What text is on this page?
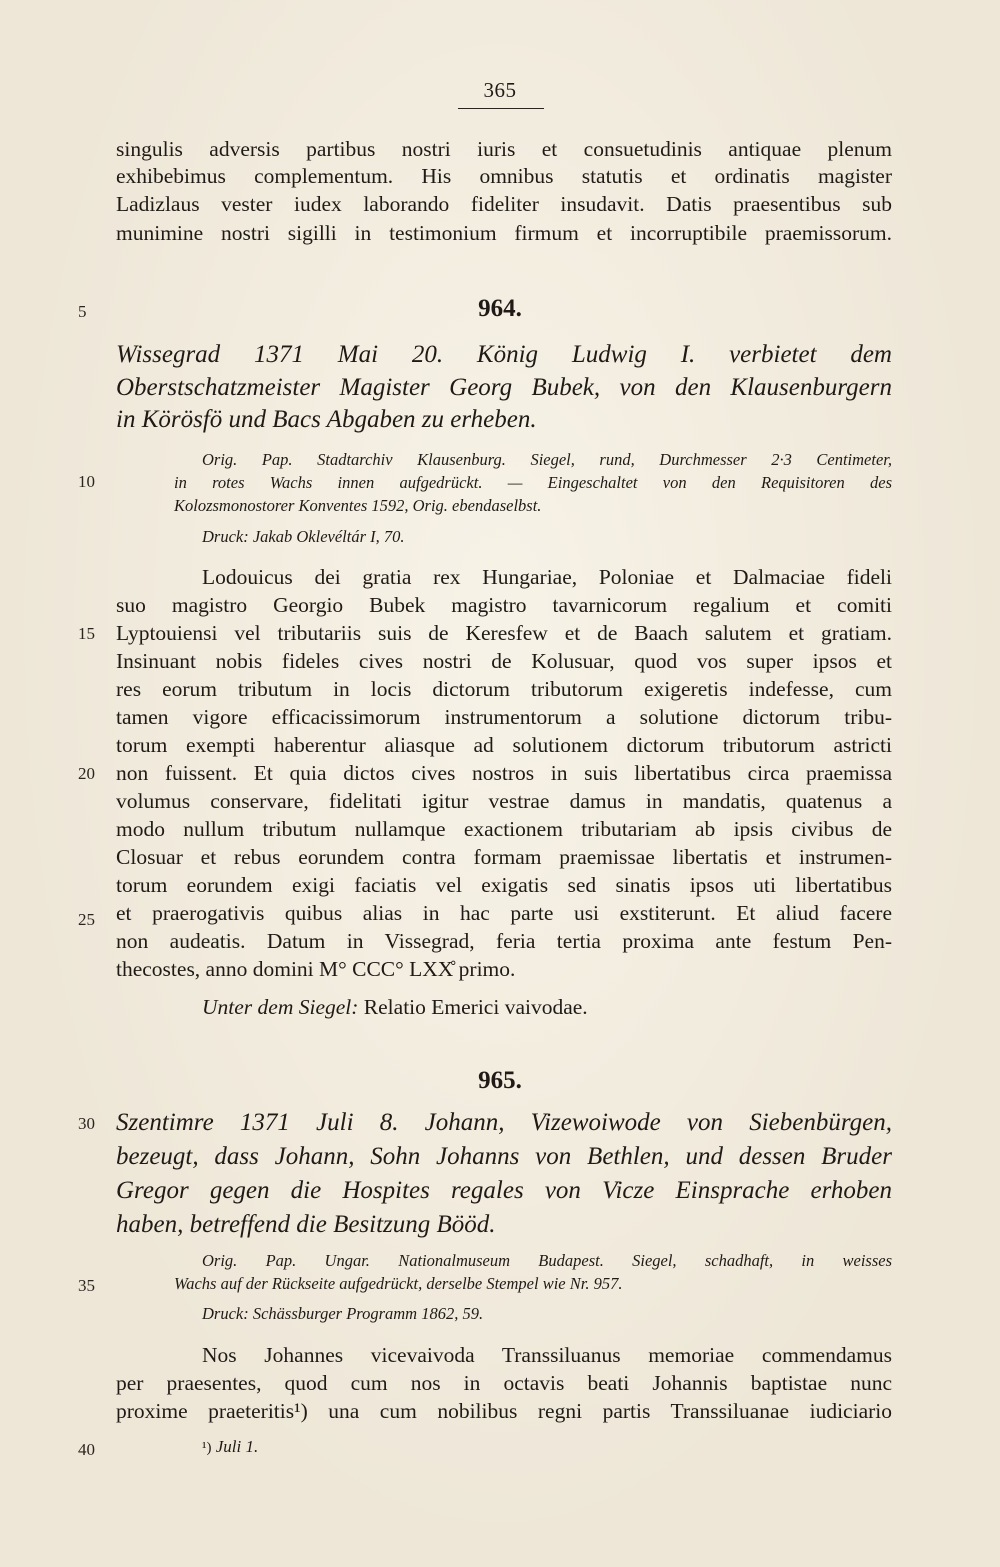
365
5
10
15
20
25
30
35
40
singulis adversis partibus nostri iuris et consuetudinis antiquae plenum
exhibebimus complementum. His omnibus statutis et ordinatis magister
Ladizlaus vester iudex laborando fideliter insudavit. Datis praesentibus sub
munimine nostri sigilli in testimonium firmum et incorruptibile praemissorum.
964.
Wissegrad 1371 Mai 20. König Ludwig I. verbietet dem
Oberstschatzmeister Magister Georg Bubek, von den Klausenburgern
in Körösfö und Bacs Abgaben zu erheben.
Orig. Pap. Stadtarchiv Klausenburg. Siegel, rund, Durchmesser 2·3 Centimeter,
in rotes Wachs innen aufgedrückt. — Eingeschaltet von den Requisitoren des
Kolozsmonostorer Konventes 1592, Orig. ebendaselbst.
Druck: Jakab Oklevéltár I, 70.
Lodouicus dei gratia rex Hungariae, Poloniae et Dalmaciae fideli
suo magistro Georgio Bubek magistro tavarnicorum regalium et comiti
Lyptouiensi vel tributariis suis de Keresfew et de Baach salutem et gratiam.
Insinuant nobis fideles cives nostri de Kolusuar, quod vos super ipsos et
res eorum tributum in locis dictorum tributorum exigeretis indefesse, cum
tamen vigore efficacissimorum instrumentorum a solutione dictorum tribu-
torum exempti haberentur aliasque ad solutionem dictorum tributorum astricti
non fuissent. Et quia dictos cives nostros in suis libertatibus circa praemissa
volumus conservare, fidelitati igitur vestrae damus in mandatis, quatenus a
modo nullum tributum nullamque exactionem tributariam ab ipsis civibus de
Closuar et rebus eorundem contra formam praemissae libertatis et instrumen-
torum eorundem exigi faciatis vel exigatis sed sinatis ipsos uti libertatibus
et praerogativis quibus alias in hac parte usi exstiterunt. Et aliud facere
non audeatis. Datum in Vissegrad, feria tertia proxima ante festum Pen-
thecostes, anno domini M° CCC° LXX̊ primo.
Unter dem Siegel: Relatio Emerici vaivodae.
965.
Szentimre 1371 Juli 8. Johann, Vizewoiwode von Siebenbürgen,
bezeugt, dass Johann, Sohn Johanns von Bethlen, und dessen Bruder
Gregor gegen die Hospites regales von Vicze Einsprache erhoben
haben, betreffend die Besitzung Bööd.
Orig. Pap. Ungar. Nationalmuseum Budapest. Siegel, schadhaft, in weisses
Wachs auf der Rückseite aufgedrückt, derselbe Stempel wie Nr. 957.
Druck: Schässburger Programm 1862, 59.
Nos Johannes vicevaivoda Transsiluanus memoriae commendamus
per praesentes, quod cum nos in octavis beati Johannis baptistae nunc
proxime praeteritis¹) una cum nobilibus regni partis Transsiluanae iudiciario
¹) Juli 1.
